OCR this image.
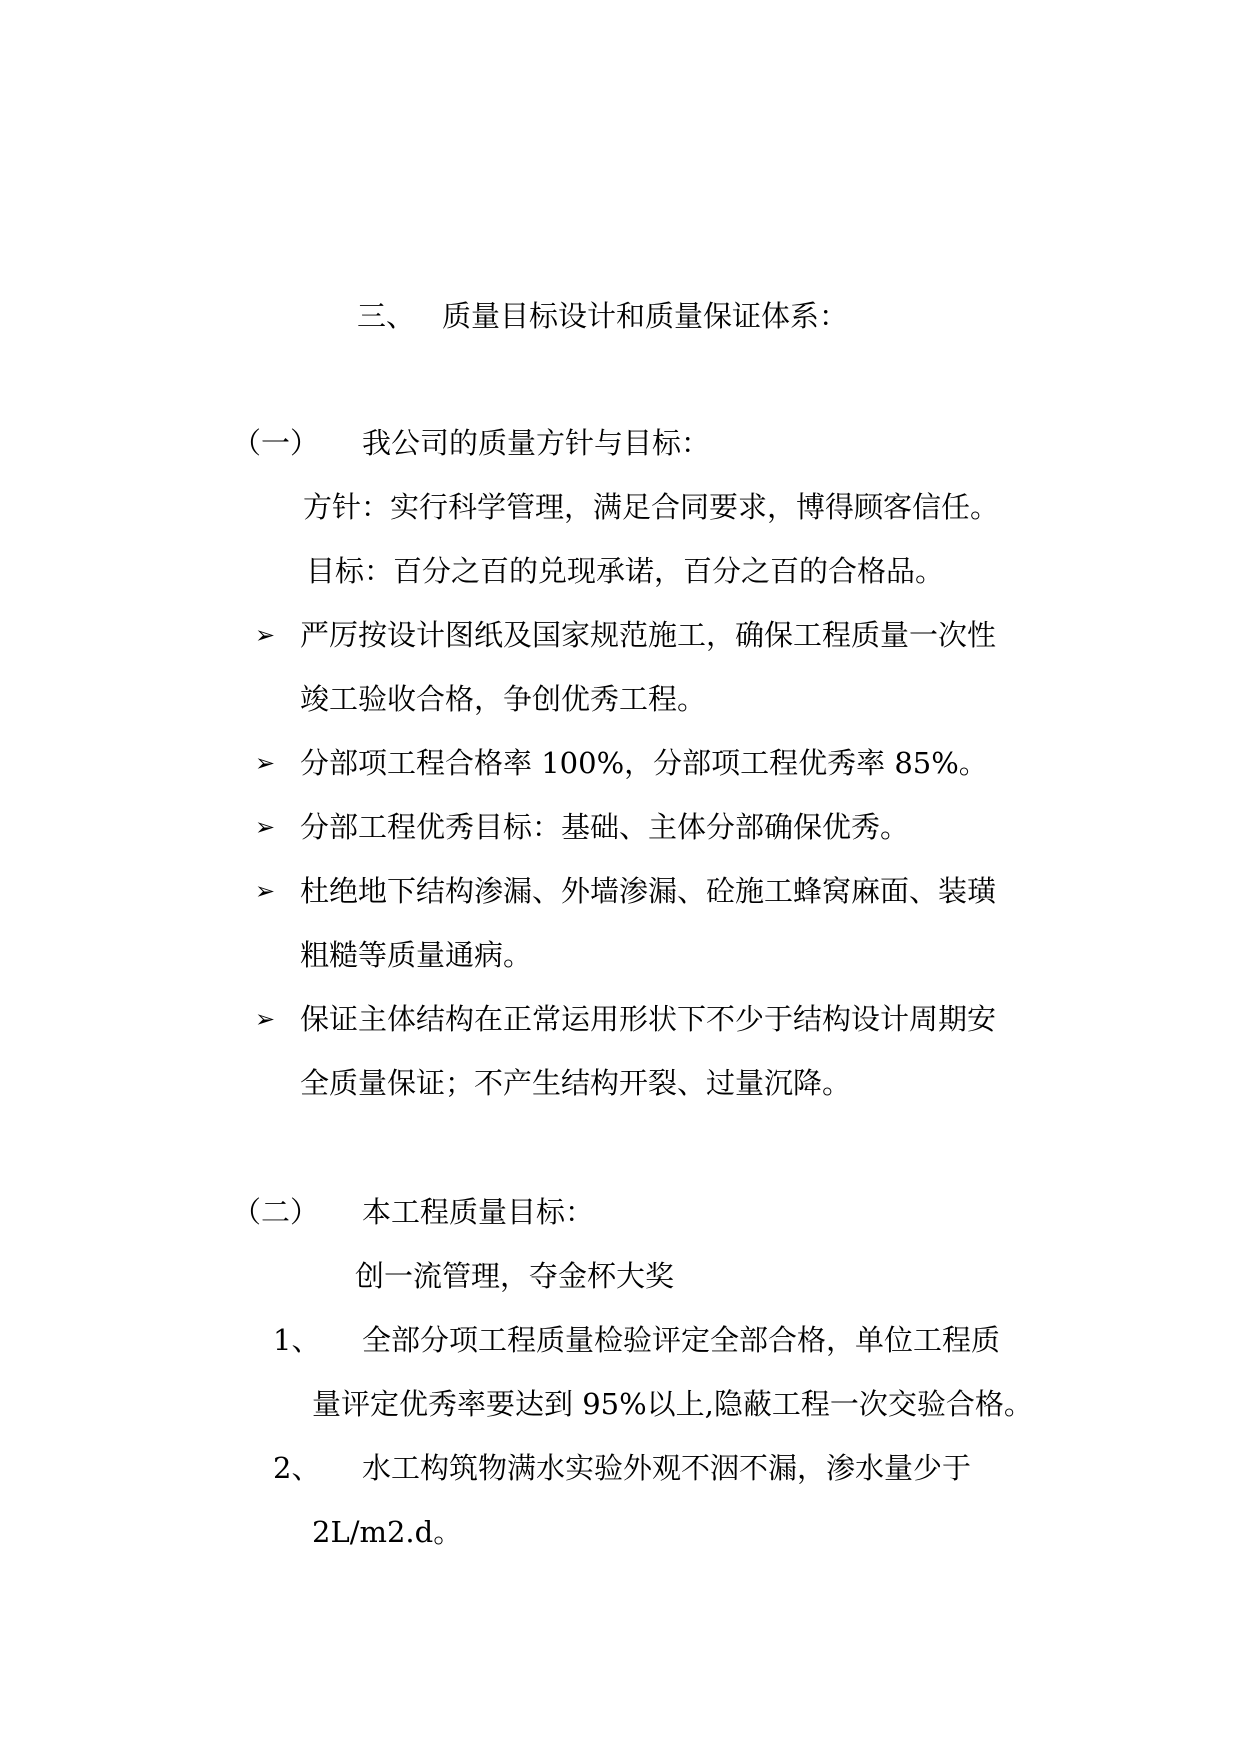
三、 质量目标设计和质量保证体系：
（一） 我公司的质量方针与目标：
方针：实行科学管理，满足合同要求，博得顾客信任。
目标：百分之百的兑现承诺，百分之百的合格品。
➢ 严厉按设计图纸及国家规范施工，确保工程质量一次性
竣工验收合格，争创优秀工程。
➢ 分部项工程合格率 100%，分部项工程优秀率 85%。
➢ 分部工程优秀目标：基础、主体分部确保优秀。
➢ 杜绝地下结构渗漏、外墙渗漏、砼施工蜂窝麻面、装璜
粗糙等质量通病。
➢ 保证主体结构在正常运用形状下不少于结构设计周期安
全质量保证；不产生结构开裂、过量沉降。
（二） 本工程质量目标：
创一流管理，夺金杯大奖
1、 全部分项工程质量检验评定全部合格，单位工程质
量评定优秀率要达到 95%以上,隐蔽工程一次交验合格。
2、 水工构筑物满水实验外观不洇不漏，渗水量少于
2L/m2.d。
